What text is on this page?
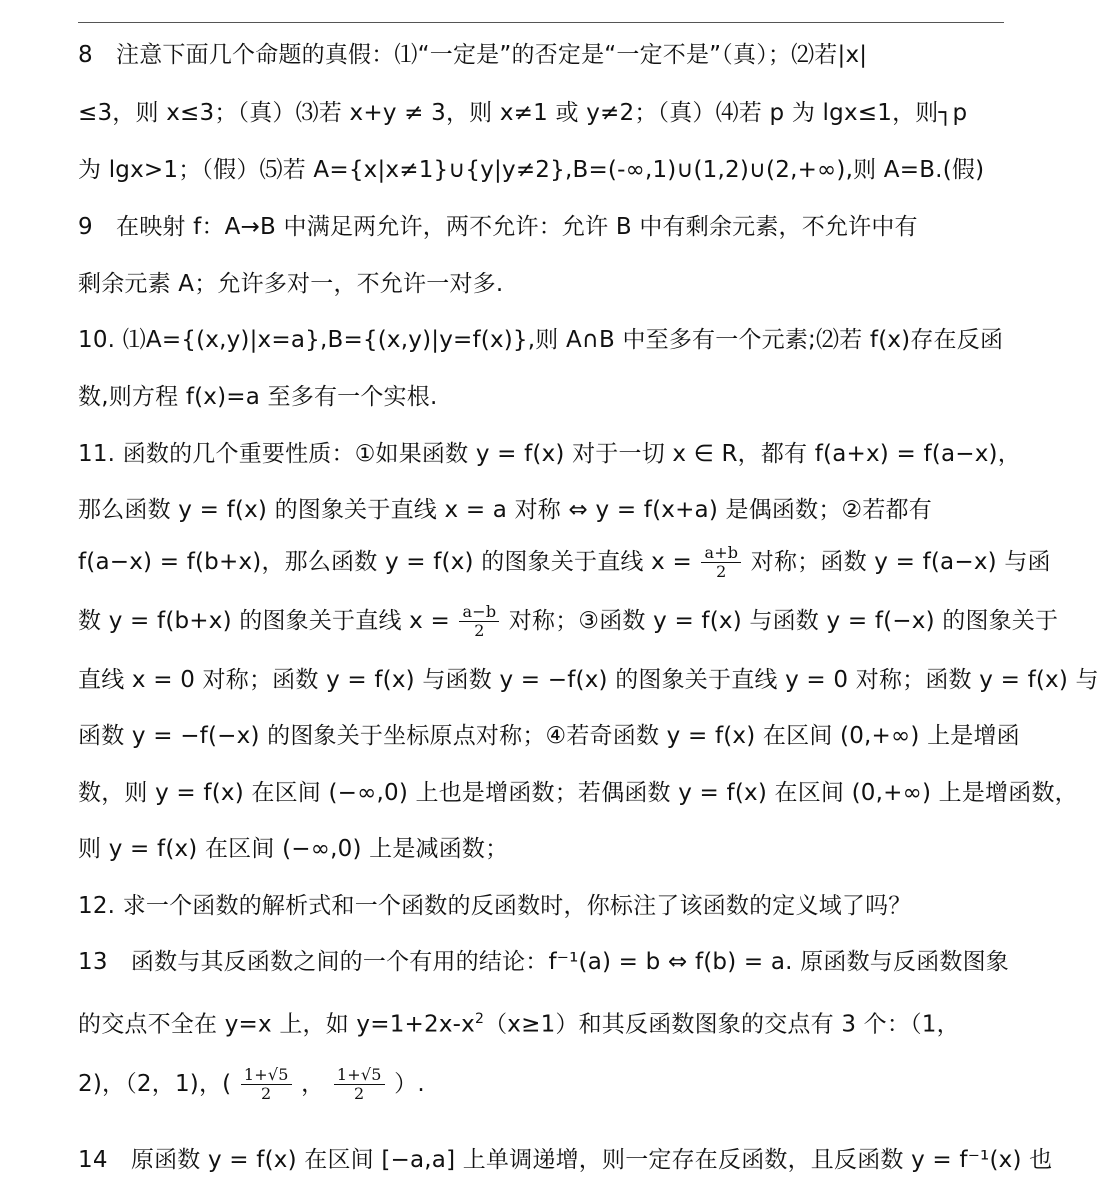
8　注意下面几个命题的真假：⑴“一定是”的否定是“一定不是”（真）；⑵若|x|
≤3，则 x≤3；（真）⑶若 x+y ≠ 3，则 x≠1 或 y≠2；（真）⑷若 p 为 lgx≤1，则┐p
为 lgx>1；（假）⑸若 A={x|x≠1}∪{y|y≠2},B=(-∞,1)∪(1,2)∪(2,+∞),则 A=B.(假)
9　在映射 f：A→B 中满足两允许，两不允许：允许 B 中有剩余元素，不允许中有
剩余元素 A；允许多对一，不允许一对多.
10. ⑴A={(x,y)|x=a},B={(x,y)|y=f(x)},则 A∩B 中至多有一个元素;⑵若 f(x)存在反函
数,则方程 f(x)=a 至多有一个实根.
11. 函数的几个重要性质：①如果函数 y = f(x) 对于一切 x ∈ R，都有 f(a+x) = f(a−x)，
那么函数 y = f(x) 的图象关于直线 x = a 对称 ⇔ y = f(x+a) 是偶函数；②若都有
f(a−x) = f(b+x)，那么函数 y = f(x) 的图象关于直线 $x = \frac{a+b}{2}$ 对称；函数 y = f(a−x) 与函
数 y = f(b+x) 的图象关于直线 $x = \frac{a-b}{2}$ 对称；③函数 y = f(x) 与函数 y = f(−x) 的图象关于
直线 x = 0 对称；函数 y = f(x) 与函数 y = −f(x) 的图象关于直线 y = 0 对称；函数 y = f(x) 与
函数 y = −f(−x) 的图象关于坐标原点对称；④若奇函数 y = f(x) 在区间 (0,+∞) 上是增函
数，则 y = f(x) 在区间 (−∞,0) 上也是增函数；若偶函数 y = f(x) 在区间 (0,+∞) 上是增函数，
则 y = f(x) 在区间 (−∞,0) 上是减函数；
12. 求一个函数的解析式和一个函数的反函数时，你标注了该函数的定义域了吗？
13　函数与其反函数之间的一个有用的结论：f⁻¹(a) = b ⇔ f(b) = a. 原函数与反函数图象
的交点不全在 y=x 上，如 $y=1+2x-x^2(x\ge 1)$和其反函数图象的交点有 3 个：（1，
2)，（2，1)，( $\frac{1+√5}{2}$ ， $\frac{1+√5}{2}$ ）.
14　原函数 y = f(x) 在区间 [−a,a] 上单调递增，则一定存在反函数，且反函数 y = f⁻¹(x) 也
